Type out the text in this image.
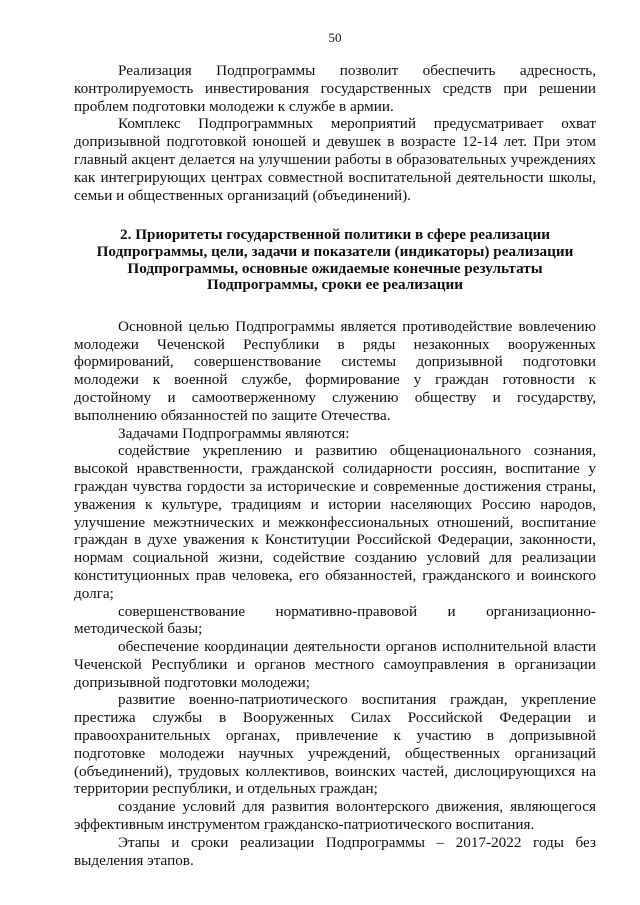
50

Реализация Подпрограммы позволит обеспечить адресность, контролируемость инвестирования государственных средств при решении проблем подготовки молодежи к службе в армии.

Комплекс Подпрограммных мероприятий предусматривает охват допризывной подготовкой юношей и девушек в возрасте 12-14 лет. При этом главный акцент делается на улучшении работы в образовательных учреждениях как интегрирующих центрах совместной воспитательной деятельности школы, семьи и общественных организаций (объединений).

2. Приоритеты государственной политики в сфере реализации Подпрограммы, цели, задачи и показатели (индикаторы) реализации Подпрограммы, основные ожидаемые конечные результаты Подпрограммы, сроки ее реализации

Основной целью Подпрограммы является противодействие вовлечению молодежи Чеченской Республики в ряды незаконных вооруженных формирований, совершенствование системы допризывной подготовки молодежи к военной службе, формирование у граждан готовности к достойному и самоотверженному служению обществу и государству, выполнению обязанностей по защите Отечества.

Задачами Подпрограммы являются:

содействие укреплению и развитию общенационального сознания, высокой нравственности, гражданской солидарности россиян, воспитание у граждан чувства гордости за исторические и современные достижения страны, уважения к культуре, традициям и истории населяющих Россию народов, улучшение межэтнических и межконфессиональных отношений, воспитание граждан в духе уважения к Конституции Российской Федерации, законности, нормам социальной жизни, содействие созданию условий для реализации конституционных прав человека, его обязанностей, гражданского и воинского долга;

совершенствование нормативно-правовой и организационно-методической базы;

обеспечение координации деятельности органов исполнительной власти Чеченской Республики и органов местного самоуправления в организации допризывной подготовки молодежи;

развитие военно-патриотического воспитания граждан, укрепление престижа службы в Вооруженных Силах Российской Федерации и правоохранительных органах, привлечение к участию в допризывной подготовке молодежи научных учреждений, общественных организаций (объединений), трудовых коллективов, воинских частей, дислоцирующихся на территории республики, и отдельных граждан;

создание условий для развития волонтерского движения, являющегося эффективным инструментом гражданско-патриотического воспитания.

Этапы и сроки реализации Подпрограммы – 2017-2022 годы без выделения этапов.
